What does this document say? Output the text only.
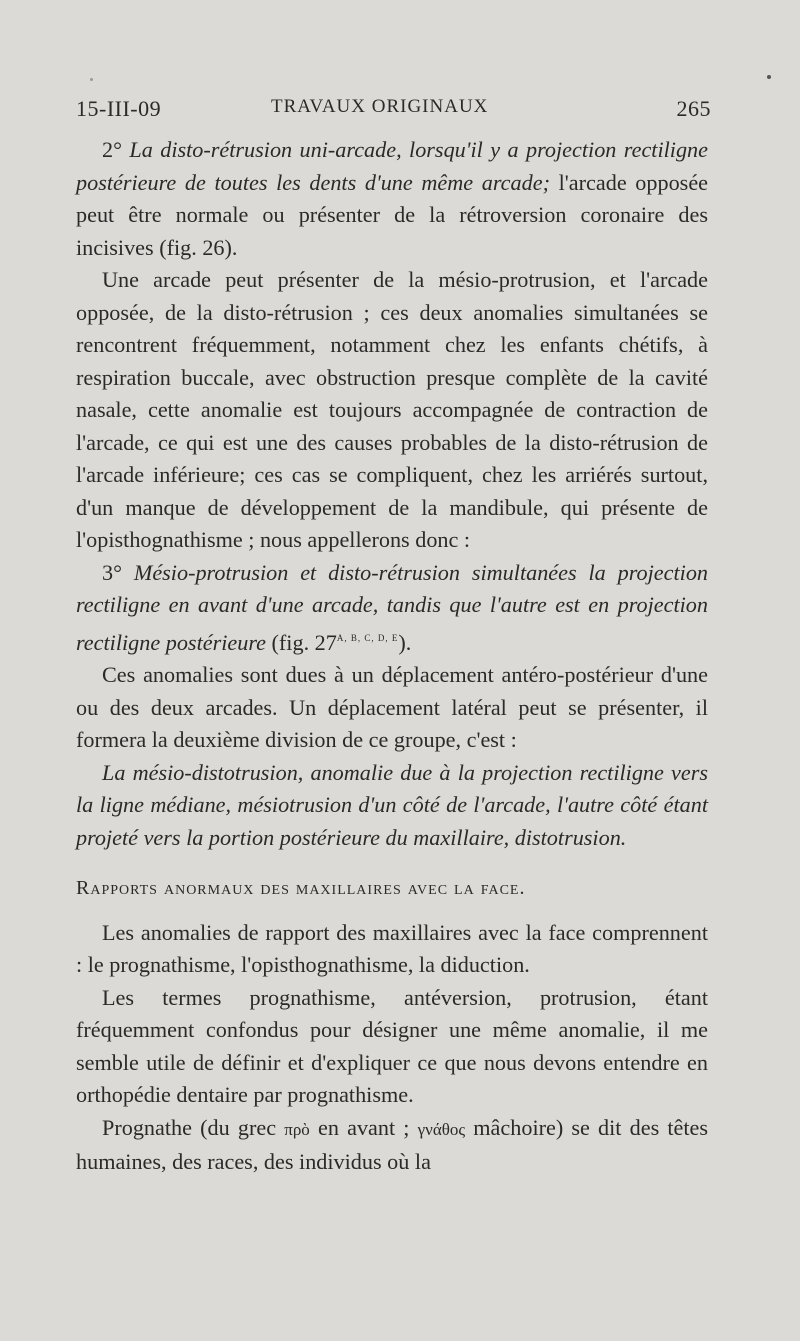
15-III-09	TRAVAUX ORIGINAUX	265

2° La disto-rétrusion uni-arcade, lorsqu'il y a projection rectiligne postérieure de toutes les dents d'une même arcade; l'arcade opposée peut être normale ou présenter de la rétroversion coronaire des incisives (fig. 26).

Une arcade peut présenter de la mésio-protrusion, et l'arcade opposée, de la disto-rétrusion ; ces deux anomalies simultanées se rencontrent fréquemment, notamment chez les enfants chétifs, à respiration buccale, avec obstruction presque complète de la cavité nasale, cette anomalie est toujours accompagnée de contraction de l'arcade, ce qui est une des causes probables de la disto-rétrusion de l'arcade inférieure; ces cas se compliquent, chez les arriérés surtout, d'un manque de développement de la mandibule, qui présente de l'opisthognathisme ; nous appellerons donc :

3° Mésio-protrusion et disto-rétrusion simultanées la projection rectiligne en avant d'une arcade, tandis que l'autre est en projection rectiligne postérieure (fig. $27^{A, B, C, D, E}$).

Ces anomalies sont dues à un déplacement antéro-postérieur d'une ou des deux arcades. Un déplacement latéral peut se présenter, il formera la deuxième division de ce groupe, c'est :

La mésio-distotrusion, anomalie due à la projection rectiligne vers la ligne médiane, mésiotrusion d'un côté de l'arcade, l'autre côté étant projeté vers la portion postérieure du maxillaire, distotrusion.

Rapports anormaux des maxillaires avec la face.

Les anomalies de rapport des maxillaires avec la face comprennent : le prognathisme, l'opisthognathisme, la diduction.

Les termes prognathisme, antéversion, protrusion, étant fréquemment confondus pour désigner une même anomalie, il me semble utile de définir et d'expliquer ce que nous devons entendre en orthopédie dentaire par prognathisme.

Prognathe (du grec πρὸ en avant ; γνάθος mâchoire) se dit des têtes humaines, des races, des individus où la
